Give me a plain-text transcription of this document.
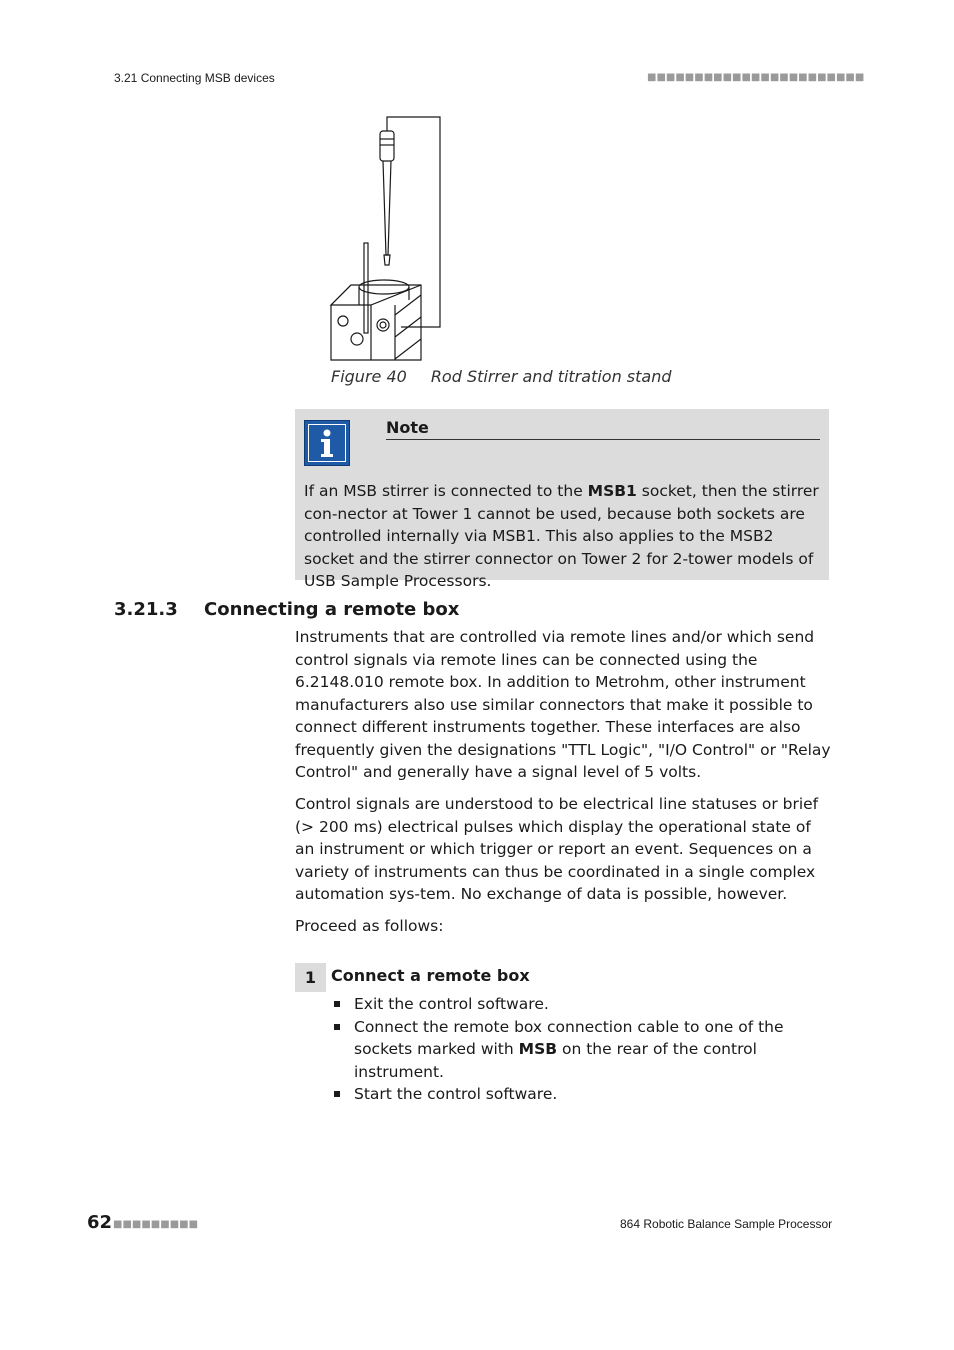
3.21 Connecting MSB devices	■■■■■■■■■■■■■■■■■■■■■■■
Figure 40 Rod Stirrer and titration stand
Note
If an MSB stirrer is connected to the MSB1 socket, then the stirrer con-nector at Tower 1 cannot be used, because both sockets are controlled internally via MSB1. This also applies to the MSB2 socket and the stirrer connector on Tower 2 for 2-tower models of USB Sample Processors.
3.21.3 Connecting a remote box
Instruments that are controlled via remote lines and/or which send control signals via remote lines can be connected using the 6.2148.010 remote box. In addition to Metrohm, other instrument manufacturers also use similar connectors that make it possible to connect different instruments together. These interfaces are also frequently given the designations "TTL Logic", "I/O Control" or "Relay Control" and generally have a signal level of 5 volts.
Control signals are understood to be electrical line statuses or brief (> 200 ms) electrical pulses which display the operational state of an instrument or which trigger or report an event. Sequences on a variety of instruments can thus be coordinated in a single complex automation sys-tem. No exchange of data is possible, however.
Proceed as follows:
1 Connect a remote box
Exit the control software.
Connect the remote box connection cable to one of the sockets marked with MSB on the rear of the control instrument.
Start the control software.
62 ■■■■■■■■■	864 Robotic Balance Sample Processor
